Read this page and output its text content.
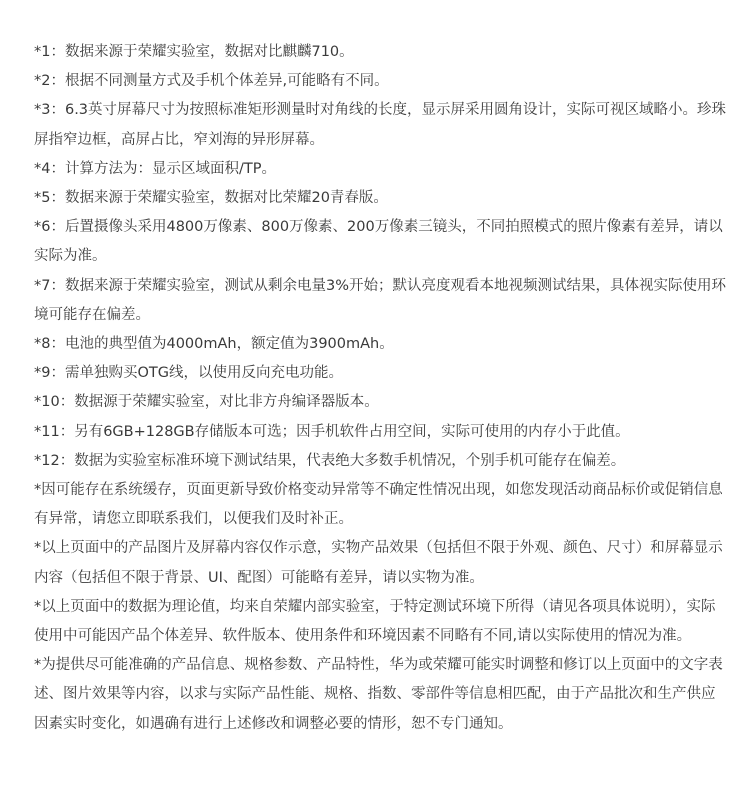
*1：数据来源于荣耀实验室，数据对比麒麟710。

*2：根据不同测量方式及手机个体差异,可能略有不同。

*3：6.3英寸屏幕尺寸为按照标准矩形测量时对角线的长度，显示屏采用圆角设计，实际可视区域略小。珍珠屏指窄边框，高屏占比，窄刘海的异形屏幕。

*4：计算方法为：显示区域面积/TP。

*5：数据来源于荣耀实验室，数据对比荣耀20青春版。

*6：后置摄像头采用4800万像素、800万像素、200万像素三镜头，不同拍照模式的照片像素有差异，请以实际为准。

*7：数据来源于荣耀实验室，测试从剩余电量3%开始；默认亮度观看本地视频测试结果，具体视实际使用环境可能存在偏差。

*8：电池的典型值为4000mAh，额定值为3900mAh。

*9：需单独购买OTG线，以使用反向充电功能。

*10：数据源于荣耀实验室，对比非方舟编译器版本。

*11：另有6GB+128GB存储版本可选；因手机软件占用空间，实际可使用的内存小于此值。

*12：数据为实验室标准环境下测试结果，代表绝大多数手机情况，个别手机可能存在偏差。

*因可能存在系统缓存，页面更新导致价格变动异常等不确定性情况出现，如您发现活动商品标价或促销信息有异常，请您立即联系我们，以便我们及时补正。

*以上页面中的产品图片及屏幕内容仅作示意，实物产品效果（包括但不限于外观、颜色、尺寸）和屏幕显示内容（包括但不限于背景、UI、配图）可能略有差异，请以实物为准。

*以上页面中的数据为理论值，均来自荣耀内部实验室，于特定测试环境下所得（请见各项具体说明），实际使用中可能因产品个体差异、软件版本、使用条件和环境因素不同略有不同,请以实际使用的情况为准。

*为提供尽可能准确的产品信息、规格参数、产品特性，华为或荣耀可能实时调整和修订以上页面中的文字表述、图片效果等内容，以求与实际产品性能、规格、指数、零部件等信息相匹配，由于产品批次和生产供应因素实时变化，如遇确有进行上述修改和调整必要的情形，恕不专门通知。
